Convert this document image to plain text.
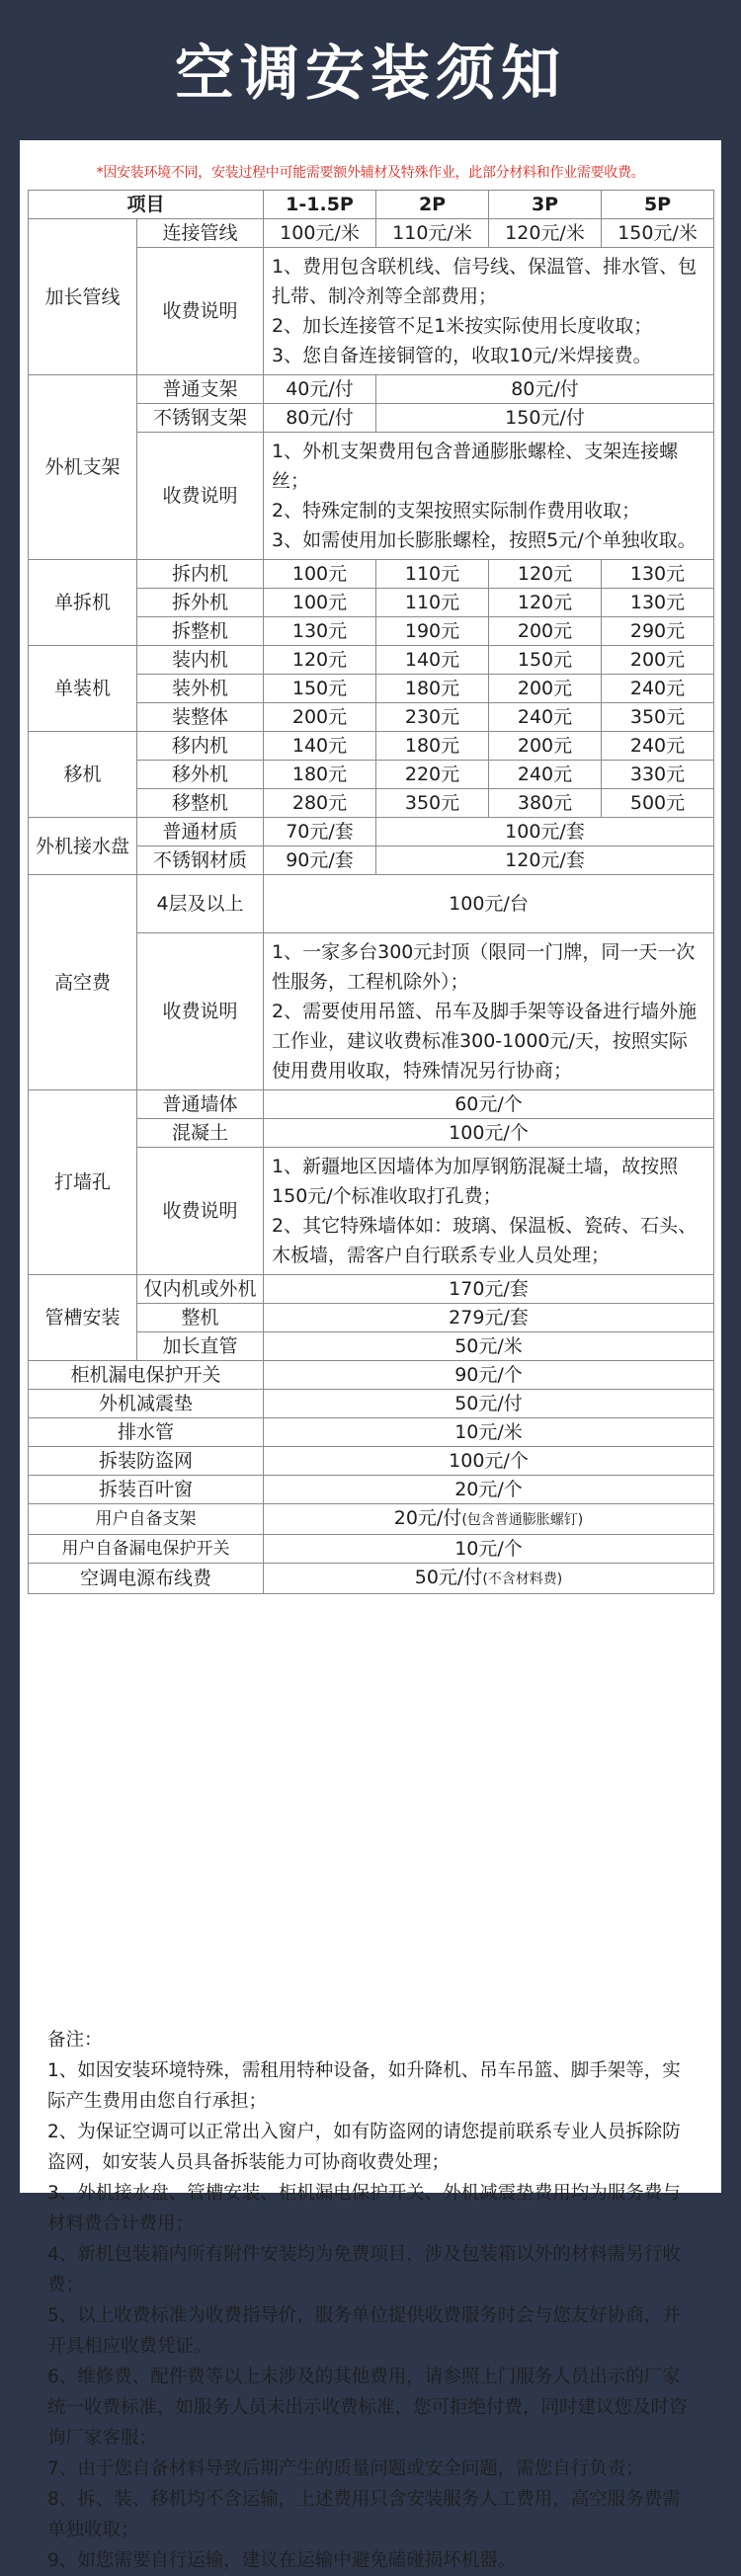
空调安装须知
*因安装环境不同，安装过程中可能需要额外辅材及特殊作业，此部分材料和作业需要收费。
项目		1-1.5P	2P	3P	5P
加长管线	连接管线	100元/米	110元/米	120元/米	150元/米
	收费说明	1、费用包含联机线、信号线、保温管、排水管、包扎带、制冷剂等全部费用；
2、加长连接管不足1米按实际使用长度收取；
3、您自备连接铜管的，收取10元/米焊接费。			

外机支架	普通支架	40元/付	80元/付		
	不锈钢支架	80元/付	150元/付		
	收费说明	1、外机支架费用包含普通膨胀螺栓、支架连接螺丝；
2、特殊定制的支架按照实际制作费用收取；
3、如需使用加长膨胀螺栓，按照5元/个单独收取。			

单拆机	拆内机	100元	110元	120元	130元
	拆外机	100元	110元	120元	130元
	拆整机	130元	190元	200元	290元
单装机	装内机	120元	140元	150元	200元
	装外机	150元	180元	200元	240元
	装整体	200元	230元	240元	350元
移机	移内机	140元	180元	200元	240元
	移外机	180元	220元	240元	330元
	移整机	280元	350元	380元	500元
外机接水盘	普通材质	70元/套	100元/套		
	不锈钢材质	90元/套	120元/套		
高空费	4层及以上	100元/台			
	收费说明	1、一家多台300元封顶（限同一门牌，同一天一次性服务，工程机除外）；
2、需要使用吊篮、吊车及脚手架等设备进行墙外施工作业，建议收费标准300-1000元/天，按照实际使用费用收取，特殊情况另行协商；			

打墙孔	普通墙体	60元/个			
	混凝土	100元/个			
	收费说明	1、新疆地区因墙体为加厚钢筋混凝土墙，故按照150元/个标准收取打孔费；
2、其它特殊墙体如：玻璃、保温板、瓷砖、石头、木板墙，需客户自行联系专业人员处理；			

管槽安装	仅内机或外机	170元/套			
	整机	279元/套			
	加长直管	50元/米			
柜机漏电保护开关		90元/个			
外机减震垫		50元/付			
排水管		10元/米			
拆装防盗网		100元/个			
拆装百叶窗		20元/个			
用户自备支架		20元/付(包含普通膨胀螺钉)			
用户自备漏电保护开关		10元/个			
空调电源布线费		50元/付(不含材料费)			
备注：
1、如因安装环境特殊，需租用特种设备，如升降机、吊车吊篮、脚手架等，实际产生费用由您自行承担；
2、为保证空调可以正常出入窗户，如有防盗网的请您提前联系专业人员拆除防盗网，如安装人员具备拆装能力可协商收费处理；
3、外机接水盘、管槽安装、柜机漏电保护开关、外机减震垫费用均为服务费与材料费合计费用；
4、新机包装箱内所有附件安装均为免费项目，涉及包装箱以外的材料需另行收费；
5、以上收费标准为收费指导价，服务单位提供收费服务时会与您友好协商，并开具相应收费凭证。
6、维修费、配件费等以上未涉及的其他费用，请参照上门服务人员出示的厂家统一收费标准，如服务人员未出示收费标准，您可拒绝付费，同时建议您及时咨询厂家客服；
7、由于您自备材料导致后期产生的质量问题或安全问题，需您自行负责；
8、拆、装、移机均不含运输，上述费用只含安装服务人工费用，高空服务费需单独收取；
9、如您需要自行运输，建议在运输中避免磕碰损坏机器。
